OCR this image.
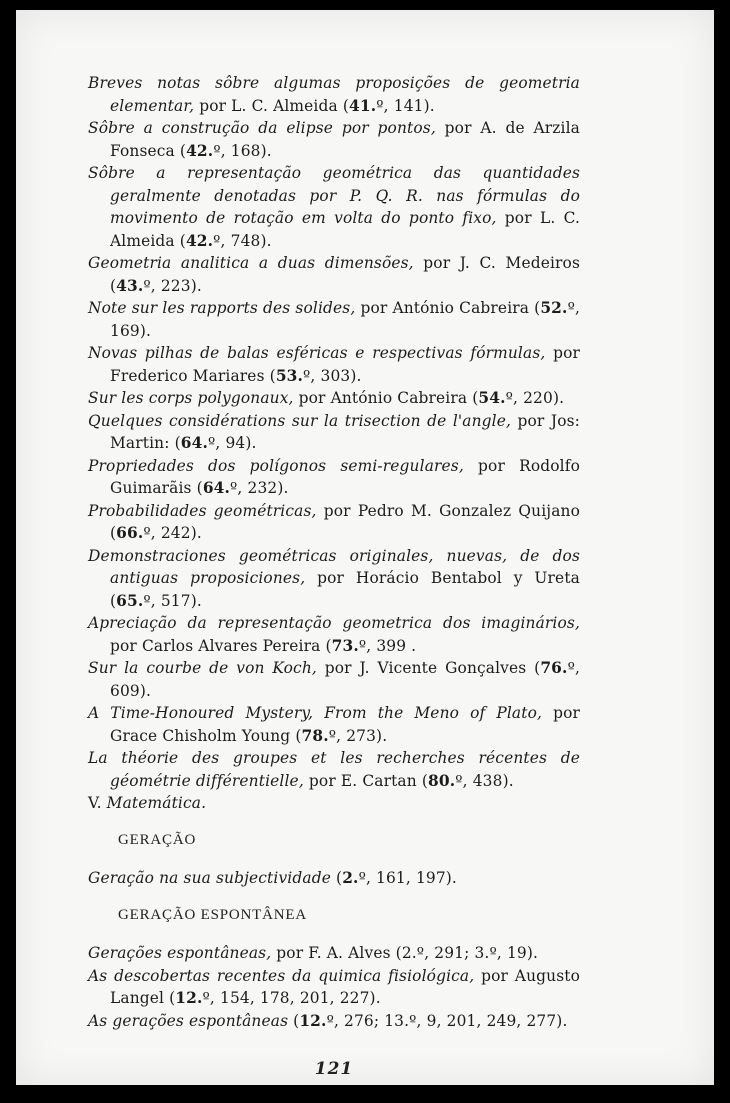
Breves notas sôbre algumas proposições de geometria elementar, por L. C. Almeida (41.º, 141).

Sôbre a construção da elipse por pontos, por A. de Arzila Fonseca (42.º, 168).

Sôbre a representação geométrica das quantidades geralmente denotadas por P. Q. R. nas fórmulas do movimento de rotação em volta do ponto fixo, por L. C. Almeida (42.º, 748).

Geometria analitica a duas dimensões, por J. C. Medeiros (43.º, 223).

Note sur les rapports des solides, por António Cabreira (52.º, 169).

Novas pilhas de balas esféricas e respectivas fórmulas, por Frederico Mariares (53.º, 303).

Sur les corps polygonaux, por António Cabreira (54.º, 220).

Quelques considérations sur la trisection de l'angle, por Jos: Martin: (64.º, 94).

Propriedades dos polígonos semi-regulares, por Rodolfo Guimarãis (64.º, 232).

Probabilidades geométricas, por Pedro M. Gonzalez Quijano (66.º, 242).

Demonstraciones geométricas originales, nuevas, de dos antiguas proposiciones, por Horácio Bentabol y Ureta (65.º, 517).

Apreciação da representação geometrica dos imaginários, por Carlos Alvares Pereira (73.º, 399 .

Sur la courbe de von Koch, por J. Vicente Gonçalves (76.º, 609).

A Time-Honoured Mystery, From the Meno of Plato, por Grace Chisholm Young (78.º, 273).

La théorie des groupes et les recherches récentes de géométrie différentielle, por E. Cartan (80.º, 438).

V. Matemática.

GERAÇÃO

Geração na sua subjectividade (2.º, 161, 197).

GERAÇÃO ESPONTÂNEA

Gerações espontâneas, por F. A. Alves (2.º, 291; 3.º, 19).

As descobertas recentes da quimica fisiológica, por Augusto Langel (12.º, 154, 178, 201, 227).

As gerações espontâneas (12.º, 276; 13.º, 9, 201, 249, 277).

121
